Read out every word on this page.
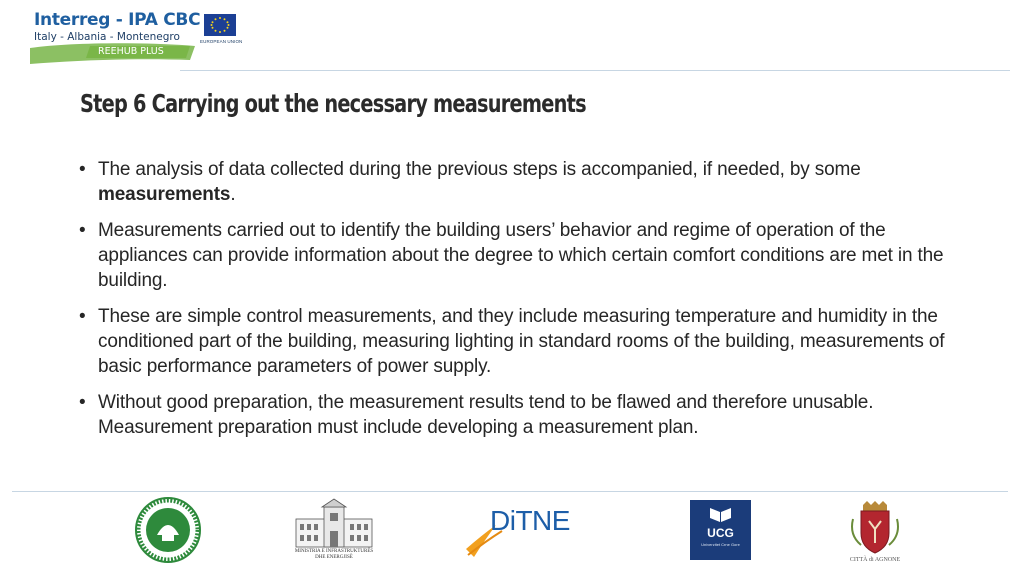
Interreg - IPA CBC
Italy - Albania - Montenegro	EUROPEAN UNION
REEHUB PLUS
Step 6 Carrying out the necessary measurements
• The analysis of data collected during the previous steps is accompanied, if needed, by some measurements.
• Measurements carried out to identify the building users’ behavior and regime of operation of the appliances can provide information about the degree to which certain comfort conditions are met in the building.
• These are simple control measurements, and they include measuring temperature and humidity in the conditioned part of the building, measuring lighting in standard rooms of the building, measurements of basic performance parameters of power supply.
• Without good preparation, the measurement results tend to be flawed and therefore unusable. Measurement preparation must include developing a measurement plan.
MINISTRIA E INFRASTRUKTURËS DHE ENERGJISË
DiTNE	UCG
Univerzitet Crne Gore
CITTÀ di AGNONE
